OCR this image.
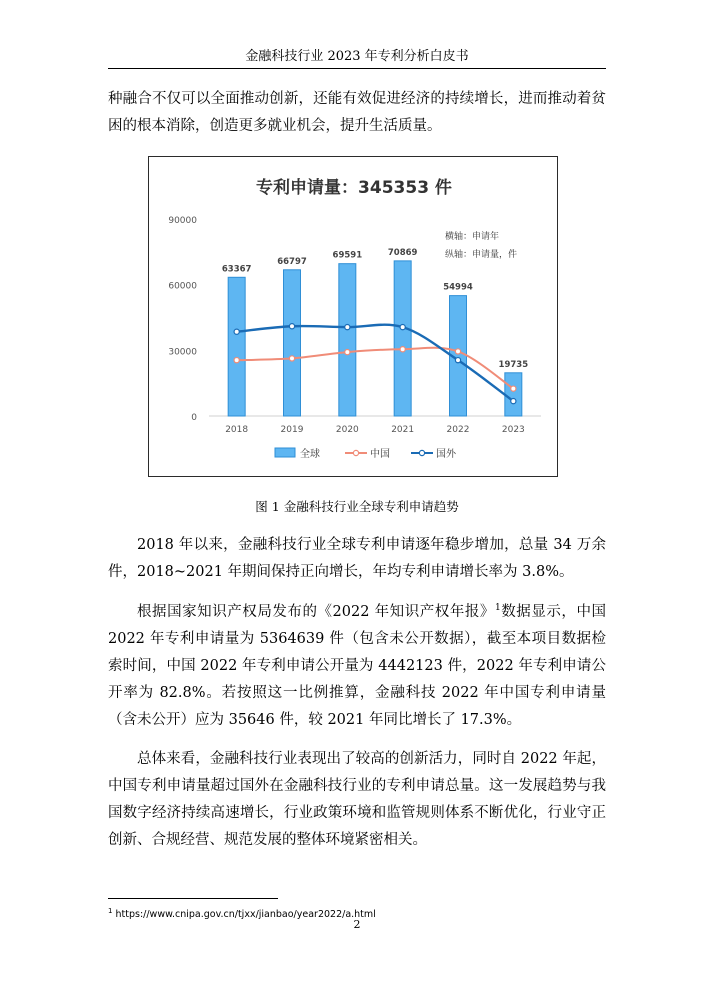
金融科技行业 2023 年专利分析白皮书

种融合不仅可以全面推动创新，还能有效促进经济的持续增长，进而推动着贫困的根本消除，创造更多就业机会，提升生活质量。

专利申请量：345353 件
0
30000
60000
90000
63367
66797
69591	70869
54994
19735
2018	2019	2020	2021	2022	2023
横轴：申请年
纵轴：申请量，件
全球	中国	国外
图 1 金融科技行业全球专利申请趋势

2018 年以来，金融科技行业全球专利申请逐年稳步增加，总量 34 万余件，2018~2021 年期间保持正向增长，年均专利申请增长率为 3.8%。

根据国家知识产权局发布的《2022 年知识产权年报》$^1$数据显示，中国 2022 年专利申请量为 5364639 件（包含未公开数据），截至本项目数据检索时间，中国 2022 年专利申请公开量为 4442123 件，2022 年专利申请公开率为 82.8%。若按照这一比例推算，金融科技 2022 年中国专利申请量（含未公开）应为 35646 件，较 2021 年同比增长了 17.3%。

总体来看，金融科技行业表现出了较高的创新活力，同时自 2022 年起，中国专利申请量超过国外在金融科技行业的专利申请总量。这一发展趋势与我国数字经济持续高速增长，行业政策环境和监管规则体系不断优化，行业守正创新、合规经营、规范发展的整体环境紧密相关。

$^1$ https://www.cnipa.gov.cn/tjxx/jianbao/year2022/a.html
2
